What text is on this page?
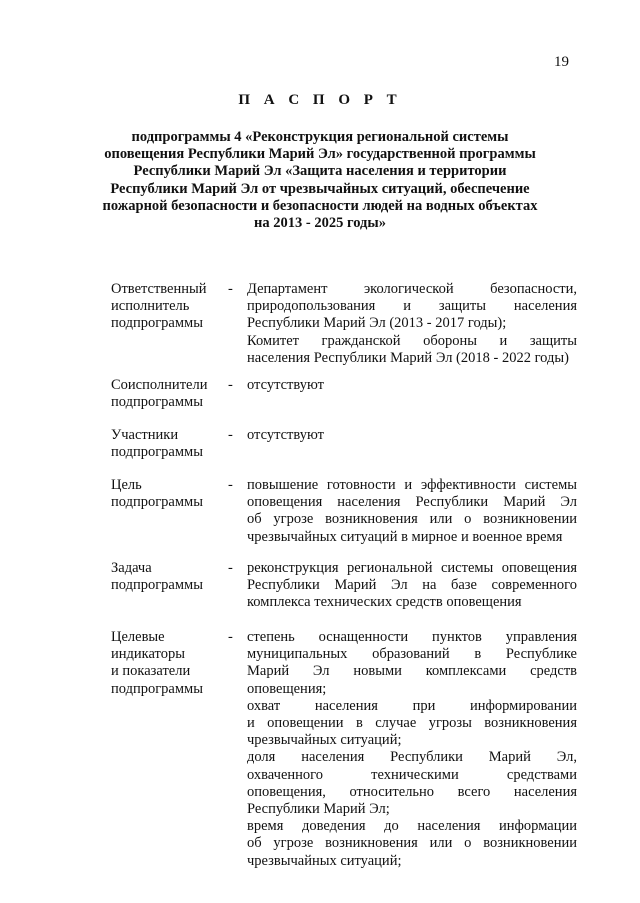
19
П А С П О Р Т
подпрограммы 4 «Реконструкция региональной системы
оповещения Республики Марий Эл» государственной программы
Республики Марий Эл «Защита населения и территории
Республики Марий Эл от чрезвычайных ситуаций, обеспечение
пожарной безопасности и безопасности людей на водных объектах
на 2013 - 2025 годы»
Ответственный
исполнитель
подпрограммы
- Департамент экологической безопасности,
природопользования и защиты населения
Республики Марий Эл (2013 - 2017 годы);
Комитет гражданской обороны и защиты
населения Республики Марий Эл (2018 - 2022 годы)
Соисполнители
подпрограммы
- отсутствуют
Участники
подпрограммы
- отсутствуют
Цель
подпрограммы
- повышение готовности и эффективности системы
оповещения населения Республики Марий Эл
об угрозе возникновения или о возникновении
чрезвычайных ситуаций в мирное и военное время
Задача
подпрограммы
- реконструкция региональной системы оповещения
Республики Марий Эл на базе современного
комплекса технических средств оповещения
Целевые
индикаторы
и показатели
подпрограммы
- степень оснащенности пунктов управления
муниципальных образований в Республике
Марий Эл новыми комплексами средств
оповещения;
охват населения при информировании
и оповещении в случае угрозы возникновения
чрезвычайных ситуаций;
доля населения Республики Марий Эл,
охваченного техническими средствами
оповещения, относительно всего населения
Республики Марий Эл;
время доведения до населения информации
об угрозе возникновения или о возникновении
чрезвычайных ситуаций;
